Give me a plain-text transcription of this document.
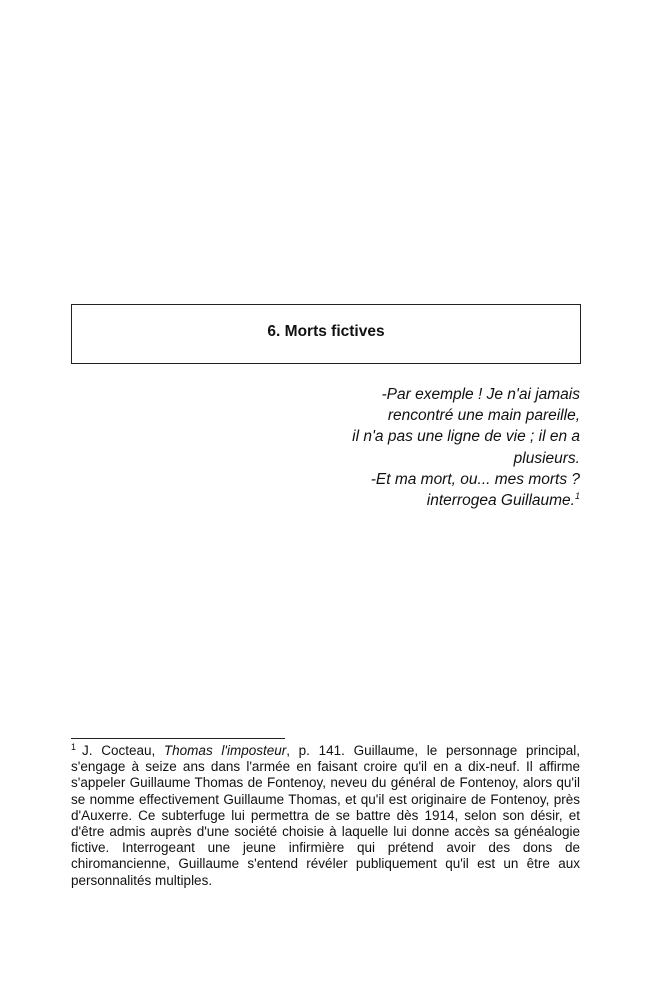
6. Morts fictives
-Par exemple ! Je n'ai jamais
rencontré une main pareille,
il n'a pas une ligne de vie ; il en a
plusieurs.
-Et ma mort, ou... mes morts ?
interrogea Guillaume.$^1$
$^1$ J. Cocteau, Thomas l'imposteur, p. 141. Guillaume, le personnage principal, s'engage à seize ans dans l'armée en faisant croire qu'il en a dix-neuf. Il affirme s'appeler Guillaume Thomas de Fontenoy, neveu du général de Fontenoy, alors qu'il se nomme effectivement Guillaume Thomas, et qu'il est originaire de Fontenoy, près d'Auxerre. Ce subterfuge lui permettra de se battre dès 1914, selon son désir, et d'être admis auprès d'une société choisie à laquelle lui donne accès sa généalogie fictive. Interrogeant une jeune infirmière qui prétend avoir des dons de chiromancienne, Guillaume s'entend révéler publiquement qu'il est un être aux personnalités multiples.
